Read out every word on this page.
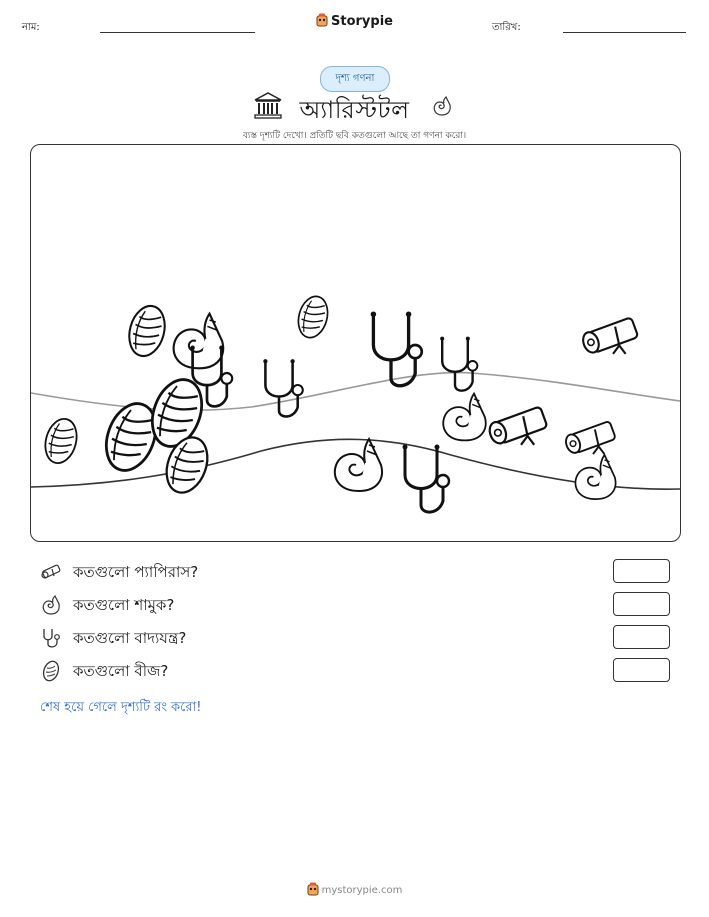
নাম:	Storypie	তারিখ:
দৃশ্য গণনা
অ্যারিস্টটল
ব্যস্ত দৃশ্যটি দেখো। প্রতিটি ছবি কতগুলো আছে তা গণনা করো।
কতগুলো প্যাপিরাস?
কতগুলো শামুক?
কতগুলো বাদ্যযন্ত্র?
কতগুলো বীজ?
শেষ হয়ে গেলে দৃশ্যটি রং করো!
mystorypie.com
